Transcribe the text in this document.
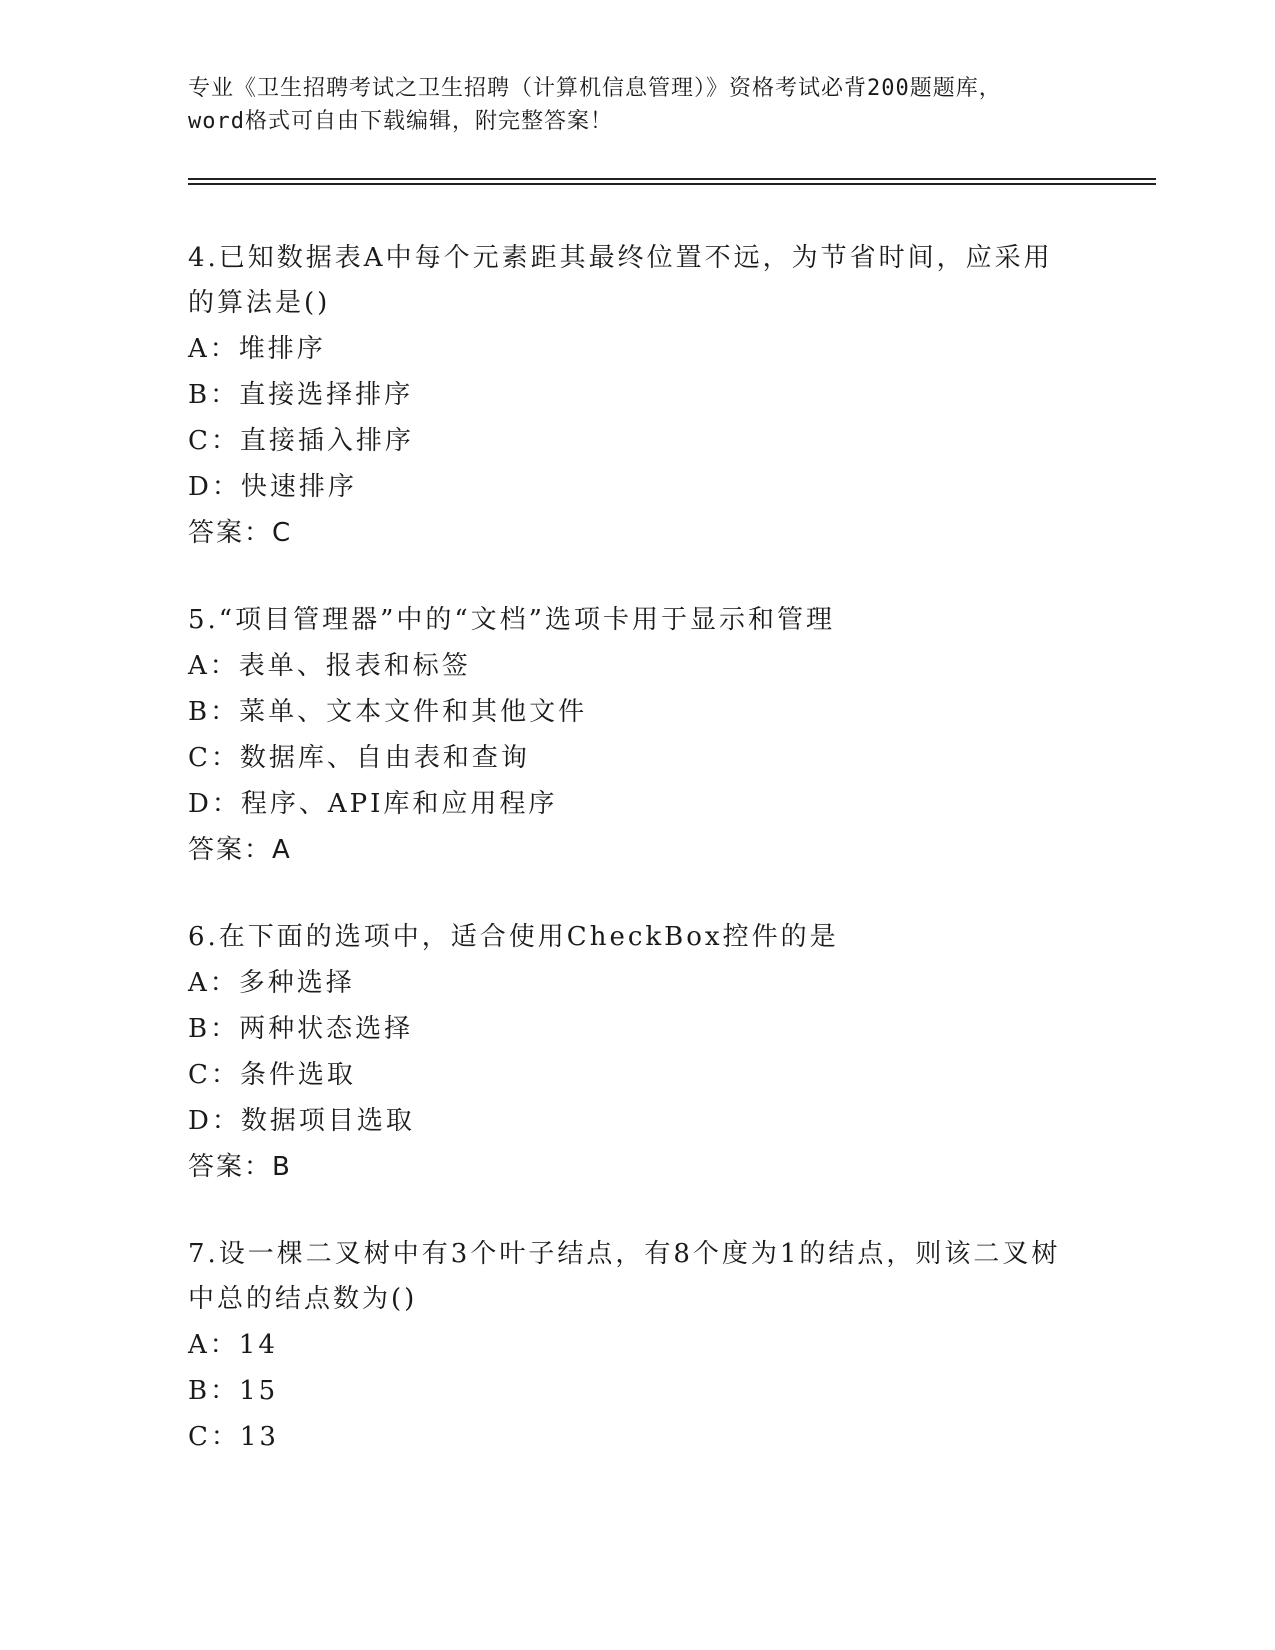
专业《卫生招聘考试之卫生招聘（计算机信息管理）》资格考试必背200题题库，
word格式可自由下载编辑，附完整答案！
4.已知数据表A中每个元素距其最终位置不远，为节省时间，应采用的算法是()
A：堆排序
B：直接选择排序
C：直接插入排序
D：快速排序
答案：C
5.“项目管理器”中的“文档”选项卡用于显示和管理
A：表单、报表和标签
B：菜单、文本文件和其他文件
C：数据库、自由表和查询
D：程序、API库和应用程序
答案：A
6.在下面的选项中，适合使用CheckBox控件的是
A：多种选择
B：两种状态选择
C：条件选取
D：数据项目选取
答案：B
7.设一棵二叉树中有3个叶子结点，有8个度为1的结点，则该二叉树中总的结点数为()
A：14
B：15
C：13
